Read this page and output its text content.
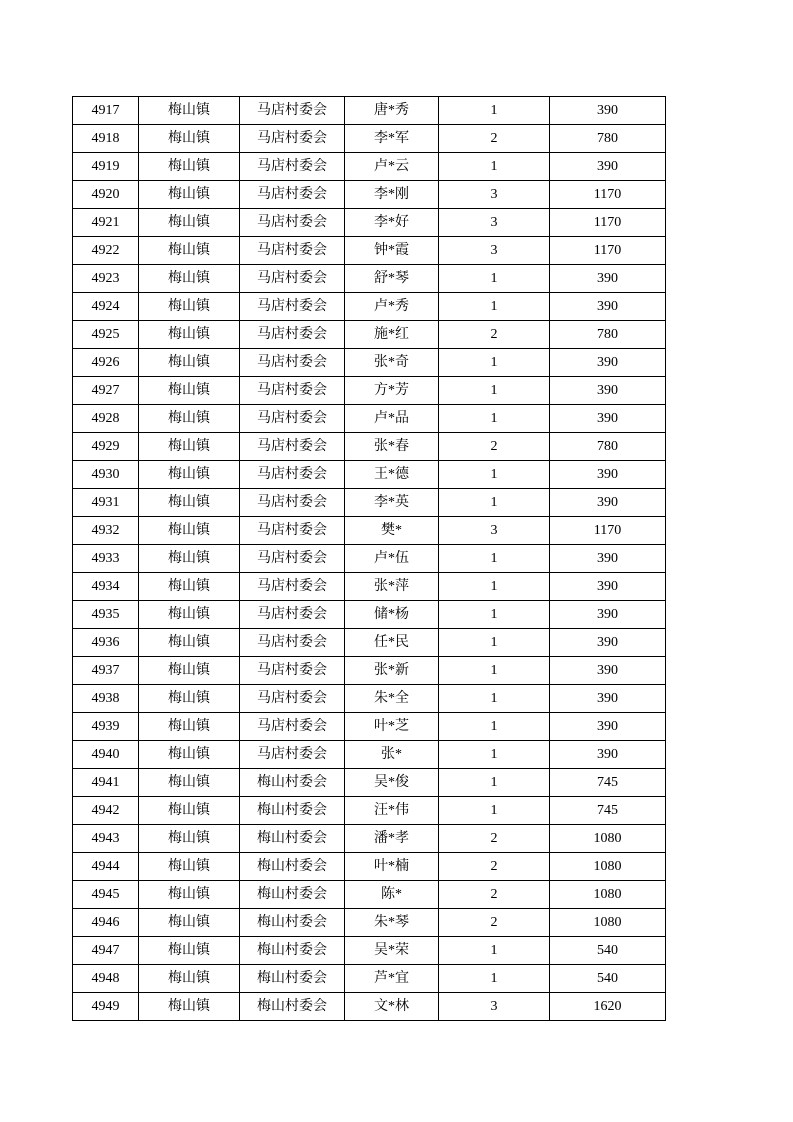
4917	梅山镇	马店村委会	唐*秀	1	390
4918	梅山镇	马店村委会	李*军	2	780
4919	梅山镇	马店村委会	卢*云	1	390
4920	梅山镇	马店村委会	李*刚	3	1170
4921	梅山镇	马店村委会	李*好	3	1170
4922	梅山镇	马店村委会	钟*霞	3	1170
4923	梅山镇	马店村委会	舒*琴	1	390
4924	梅山镇	马店村委会	卢*秀	1	390
4925	梅山镇	马店村委会	施*红	2	780
4926	梅山镇	马店村委会	张*奇	1	390
4927	梅山镇	马店村委会	方*芳	1	390
4928	梅山镇	马店村委会	卢*品	1	390
4929	梅山镇	马店村委会	张*春	2	780
4930	梅山镇	马店村委会	王*德	1	390
4931	梅山镇	马店村委会	李*英	1	390
4932	梅山镇	马店村委会	樊*	3	1170
4933	梅山镇	马店村委会	卢*伍	1	390
4934	梅山镇	马店村委会	张*萍	1	390
4935	梅山镇	马店村委会	储*杨	1	390
4936	梅山镇	马店村委会	任*民	1	390
4937	梅山镇	马店村委会	张*新	1	390
4938	梅山镇	马店村委会	朱*全	1	390
4939	梅山镇	马店村委会	叶*芝	1	390
4940	梅山镇	马店村委会	张*	1	390
4941	梅山镇	梅山村委会	吴*俊	1	745
4942	梅山镇	梅山村委会	汪*伟	1	745
4943	梅山镇	梅山村委会	潘*孝	2	1080
4944	梅山镇	梅山村委会	叶*楠	2	1080
4945	梅山镇	梅山村委会	陈*	2	1080
4946	梅山镇	梅山村委会	朱*琴	2	1080
4947	梅山镇	梅山村委会	吴*荣	1	540
4948	梅山镇	梅山村委会	芦*宜	1	540
4949	梅山镇	梅山村委会	文*林	3	1620
